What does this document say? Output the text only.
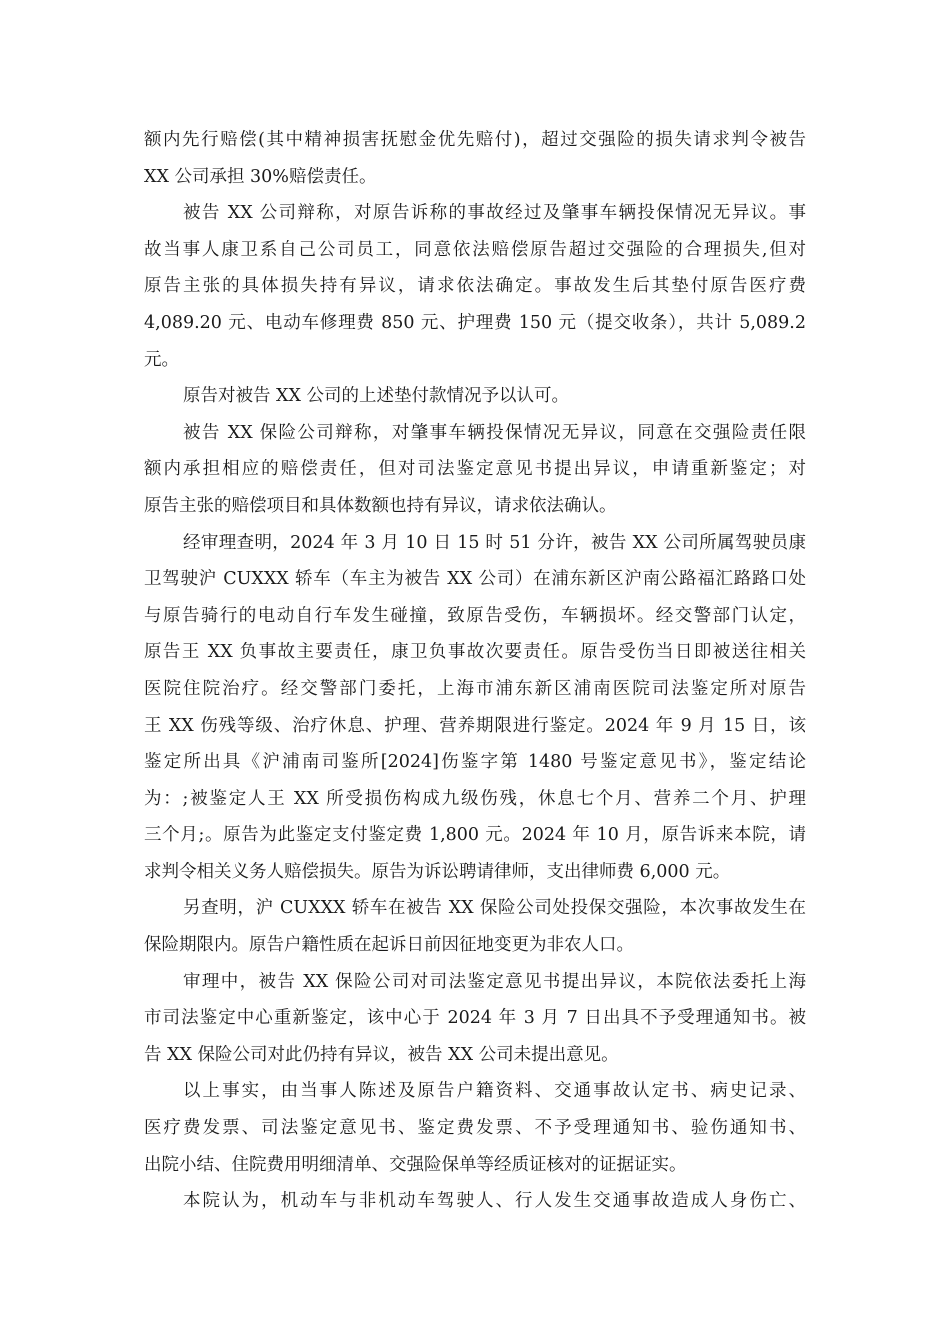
额内先行赔偿(其中精神损害抚慰金优先赔付)，超过交强险的损失请求判令被告
XX 公司承担 30%赔偿责任。
被告 XX 公司辩称，对原告诉称的事故经过及肇事车辆投保情况无异议。事
故当事人康卫系自己公司员工，同意依法赔偿原告超过交强险的合理损失,但对
原告主张的具体损失持有异议，请求依法确定。事故发生后其垫付原告医疗费
4,089.20 元、电动车修理费 850 元、护理费 150 元（提交收条），共计 5,089.2
元。
原告对被告 XX 公司的上述垫付款情况予以认可。
被告 XX 保险公司辩称，对肇事车辆投保情况无异议，同意在交强险责任限
额内承担相应的赔偿责任，但对司法鉴定意见书提出异议，申请重新鉴定；对
原告主张的赔偿项目和具体数额也持有异议，请求依法确认。
经审理查明，2024 年 3 月 10 日 15 时 51 分许，被告 XX 公司所属驾驶员康
卫驾驶沪 CUXXX 轿车（车主为被告 XX 公司）在浦东新区沪南公路福汇路路口处
与原告骑行的电动自行车发生碰撞，致原告受伤，车辆损坏。经交警部门认定，
原告王 XX 负事故主要责任，康卫负事故次要责任。原告受伤当日即被送往相关
医院住院治疗。经交警部门委托，上海市浦东新区浦南医院司法鉴定所对原告
王 XX 伤残等级、治疗休息、护理、营养期限进行鉴定。2024 年 9 月 15 日，该
鉴定所出具《沪浦南司鉴所[2024]伤鉴字第 1480 号鉴定意见书》，鉴定结论
为：;被鉴定人王 XX 所受损伤构成九级伤残，休息七个月、营养二个月、护理
三个月;。原告为此鉴定支付鉴定费 1,800 元。2024 年 10 月，原告诉来本院，请
求判令相关义务人赔偿损失。原告为诉讼聘请律师，支出律师费 6,000 元。
另查明，沪 CUXXX 轿车在被告 XX 保险公司处投保交强险，本次事故发生在
保险期限内。原告户籍性质在起诉日前因征地变更为非农人口。
审理中，被告 XX 保险公司对司法鉴定意见书提出异议，本院依法委托上海
市司法鉴定中心重新鉴定，该中心于 2024 年 3 月 7 日出具不予受理通知书。被
告 XX 保险公司对此仍持有异议，被告 XX 公司未提出意见。
以上事实，由当事人陈述及原告户籍资料、交通事故认定书、病史记录、
医疗费发票、司法鉴定意见书、鉴定费发票、不予受理通知书、验伤通知书、
出院小结、住院费用明细清单、交强险保单等经质证核对的证据证实。
本院认为，机动车与非机动车驾驶人、行人发生交通事故造成人身伤亡、
